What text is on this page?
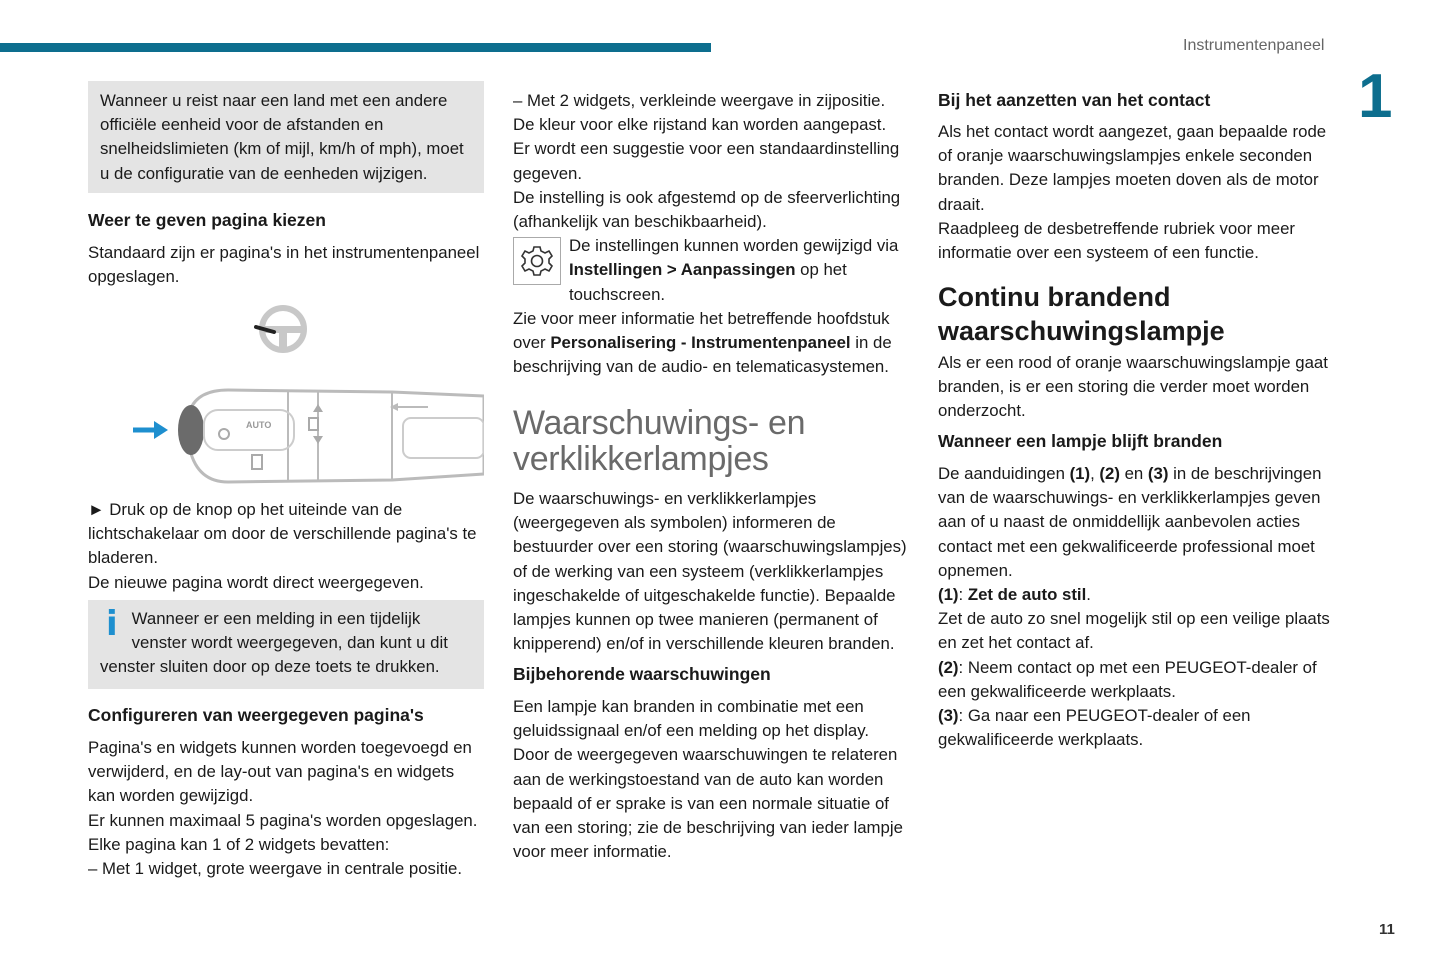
Instrumentenpaneel
1
11

Wanneer u reist naar een land met een andere officiële eenheid voor de afstanden en snelheidslimieten (km of mijl, km/h of mph), moet u de configuratie van de eenheden wijzigen.

Weer te geven pagina kiezen

Standaard zijn er pagina's in het instrumentenpaneel opgeslagen.

AUTO

► Druk op de knop op het uiteinde van de lichtschakelaar om door de verschillende pagina's te bladeren.

De nieuwe pagina wordt direct weergegeven.

i Wanneer er een melding in een tijdelijk venster wordt weergegeven, dan kunt u dit venster sluiten door op deze toets te drukken.

Configureren van weergegeven pagina's

Pagina's en widgets kunnen worden toegevoegd en verwijderd, en de lay-out van pagina's en widgets kan worden gewijzigd.

Er kunnen maximaal 5 pagina's worden opgeslagen.

Elke pagina kan 1 of 2 widgets bevatten:

– Met 1 widget, grote weergave in centrale positie.

– Met 2 widgets, verkleinde weergave in zijpositie.

De kleur voor elke rijstand kan worden aangepast.

Er wordt een suggestie voor een standaardinstelling gegeven.

De instelling is ook afgestemd op de sfeerverlichting (afhankelijk van beschikbaarheid).

De instellingen kunnen worden gewijzigd via Instellingen > Aanpassingen op het touchscreen.

Zie voor meer informatie het betreffende hoofdstuk over Personalisering - Instrumentenpaneel in de beschrijving van de audio- en telematicasystemen.

Waarschuwings- en verklikkerlampjes

De waarschuwings- en verklikkerlampjes (weergegeven als symbolen) informeren de bestuurder over een storing (waarschuwingslampjes) of de werking van een systeem (verklikkerlampjes ingeschakelde of uitgeschakelde functie). Bepaalde lampjes kunnen op twee manieren (permanent of knipperend) en/of in verschillende kleuren branden.

Bijbehorende waarschuwingen

Een lampje kan branden in combinatie met een geluidssignaal en/of een melding op het display.

Door de weergegeven waarschuwingen te relateren aan de werkingstoestand van de auto kan worden bepaald of er sprake is van een normale situatie of van een storing; zie de beschrijving van ieder lampje voor meer informatie.

Bij het aanzetten van het contact

Als het contact wordt aangezet, gaan bepaalde rode of oranje waarschuwingslampjes enkele seconden branden. Deze lampjes moeten doven als de motor draait.

Raadpleeg de desbetreffende rubriek voor meer informatie over een systeem of een functie.

Continu brandend waarschuwingslampje

Als er een rood of oranje waarschuwingslampje gaat branden, is er een storing die verder moet worden onderzocht.

Wanneer een lampje blijft branden

De aanduidingen (1), (2) en (3) in de beschrijvingen van de waarschuwings- en verklikkerlampjes geven aan of u naast de onmiddellijk aanbevolen acties contact met een gekwalificeerde professional moet opnemen.

(1): Zet de auto stil.

Zet de auto zo snel mogelijk stil op een veilige plaats en zet het contact af.

(2): Neem contact op met een PEUGEOT-dealer of een gekwalificeerde werkplaats.

(3): Ga naar een PEUGEOT-dealer of een gekwalificeerde werkplaats.
